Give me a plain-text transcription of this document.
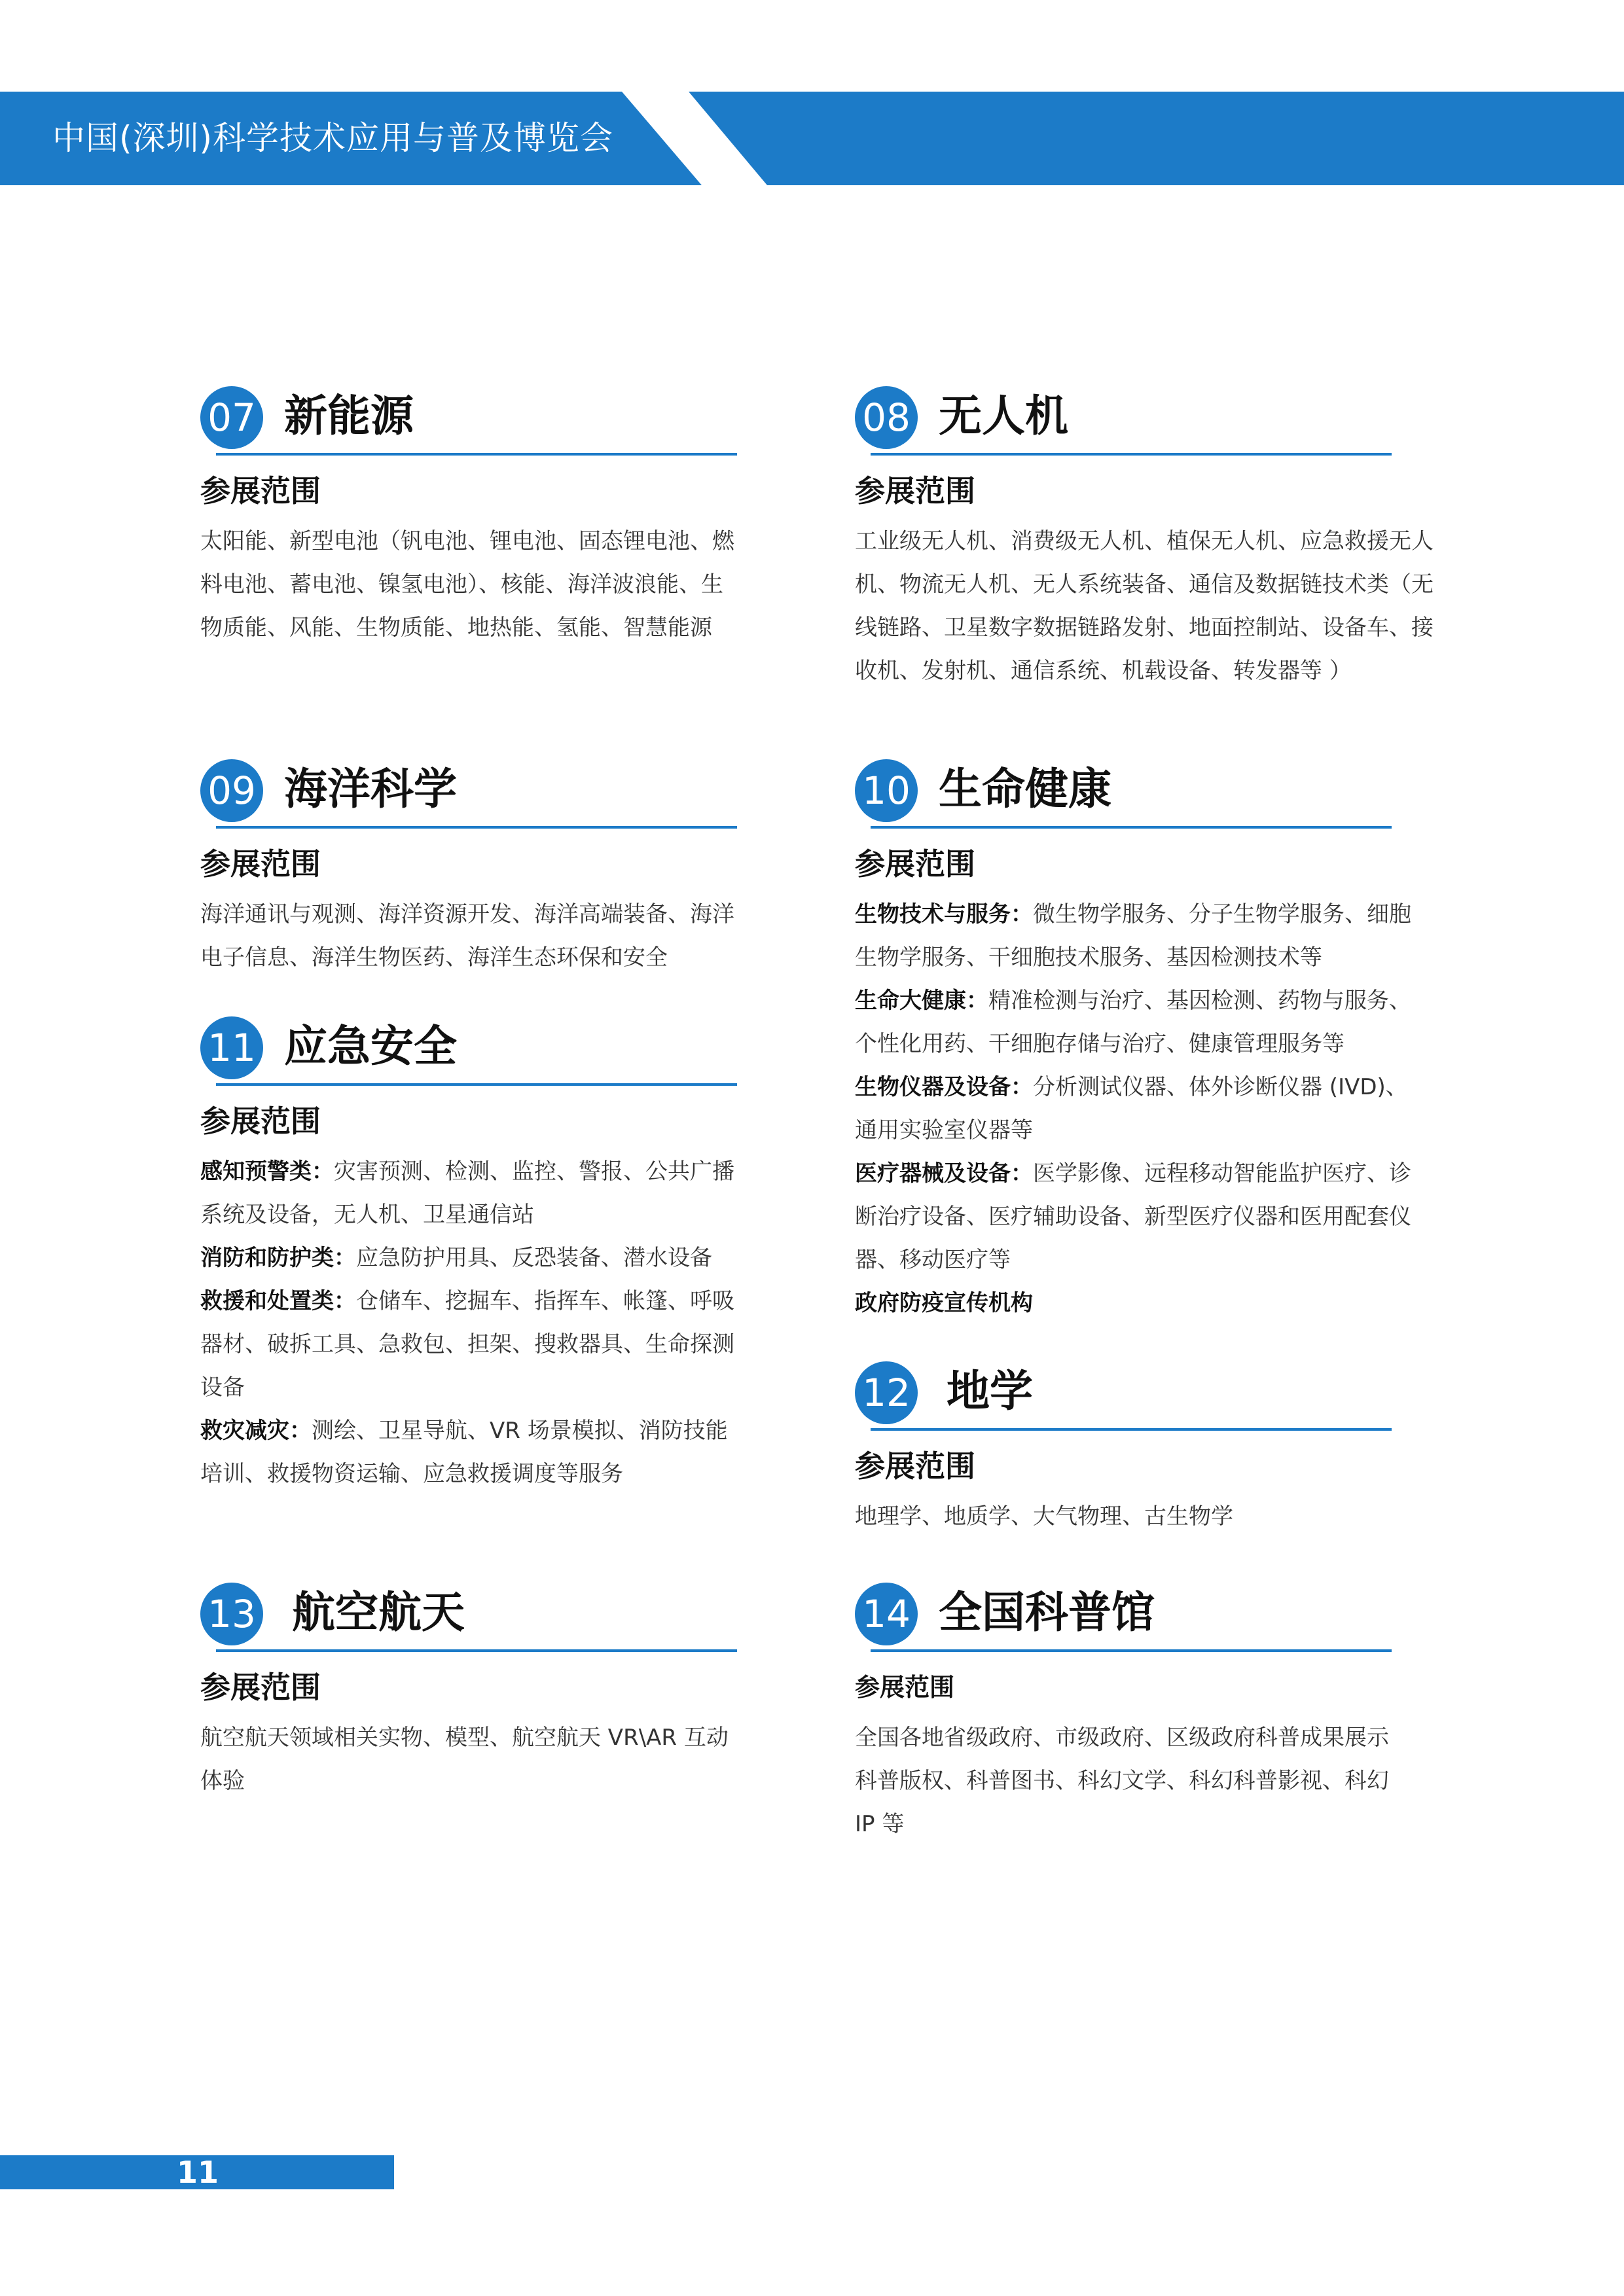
中国(深圳)科学技术应用与普及博览会
07 新能源
参展范围
太阳能、新型电池（钒电池、锂电池、固态锂电池、燃料电池、蓄电池、镍氢电池）、核能、海洋波浪能、生物质能、风能、生物质能、地热能、氢能、智慧能源
08 无人机
参展范围
工业级无人机、消费级无人机、植保无人机、应急救援无人机、物流无人机、无人系统装备、通信及数据链技术类（无线链路、卫星数字数据链路发射、地面控制站、设备车、接收机、发射机、通信系统、机载设备、转发器等 ）
09 海洋科学
参展范围
海洋通讯与观测、海洋资源开发、海洋高端装备、海洋电子信息、海洋生物医药、海洋生态环保和安全
11 应急安全
参展范围

感知预警类：灾害预测、检测、监控、警报、公共广播系统及设备，无人机、卫星通信站

消防和防护类：应急防护用具、反恐装备、潜水设备

救援和处置类：仓储车、挖掘车、指挥车、帐篷、呼吸器材、破拆工具、急救包、担架、搜救器具、生命探测设备

救灾减灾：测绘、卫星导航、VR 场景模拟、消防技能培训、救援物资运输、应急救援调度等服务

10 生命健康
参展范围

生物技术与服务：微生物学服务、分子生物学服务、细胞生物学服务、干细胞技术服务、基因检测技术等

生命大健康：精准检测与治疗、基因检测、药物与服务、个性化用药、干细胞存储与治疗、健康管理服务等

生物仪器及设备：分析测试仪器、体外诊断仪器 (IVD)、通用实验室仪器等

医疗器械及设备：医学影像、远程移动智能监护医疗、诊断治疗设备、医疗辅助设备、新型医疗仪器和医用配套仪器、移动医疗等

政府防疫宣传机构

12 地学
参展范围
地理学、地质学、大气物理、古生物学
13 航空航天
参展范围
航空航天领域相关实物、模型、航空航天 VR\AR 互动体验
14 全国科普馆
参展范围

全国各地省级政府、市级政府、区级政府科普成果展示

科普版权、科普图书、科幻文学、科幻科普影视、科幻 IP 等

11
